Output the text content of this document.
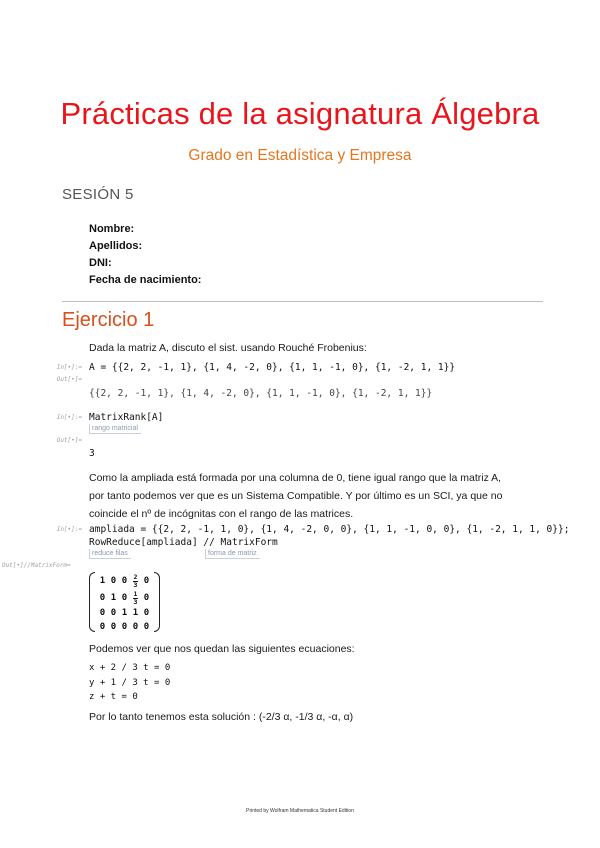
Prácticas de la asignatura Álgebra
Grado en Estadística y Empresa
SESIÓN 5
Nombre:
Apellidos:
DNI:
Fecha de nacimiento:
Ejercicio 1
Dada la matriz A, discuto el sist. usando Rouché Frobenius:
In[•]:= A = {{2, 2, -1, 1}, {1, 4, -2, 0}, {1, 1, -1, 0}, {1, -2, 1, 1}}
Out[•]=
{{2, 2, -1, 1}, {1, 4, -2, 0}, {1, 1, -1, 0}, {1, -2, 1, 1}}
In[•]:= MatrixRank[A]
rango matricial
Out[•]=
3
Como la ampliada está formada por una columna de 0, tiene igual rango que la matriz A, por tanto podemos ver que es un Sistema Compatible. Y por último es un SCI, ya que no coincide el nº de incógnitas con el rango de las matrices.
In[•]:= ampliada = {{2, 2, -1, 1, 0}, {1, 4, -2, 0, 0}, {1, 1, -1, 0, 0}, {1, -2, 1, 1, 0}};
RowReduce[ampliada] // MatrixForm
reduce filas	forma de matriz
Out[•]//MatrixForm=
1	0	0	$\frac{2}{3}$	0
0	1	0	$\frac{1}{3}$	0
0	0	1	1	0
0	0	0	0	0
Podemos ver que nos quedan las siguientes ecuaciones:
x + 2 / 3 t = 0
y + 1 / 3 t = 0
z + t = 0
Por lo tanto tenemos esta solución : (-2/3 α, -1/3 α, -α, α)
Printed by Wolfram Mathematica Student Edition
